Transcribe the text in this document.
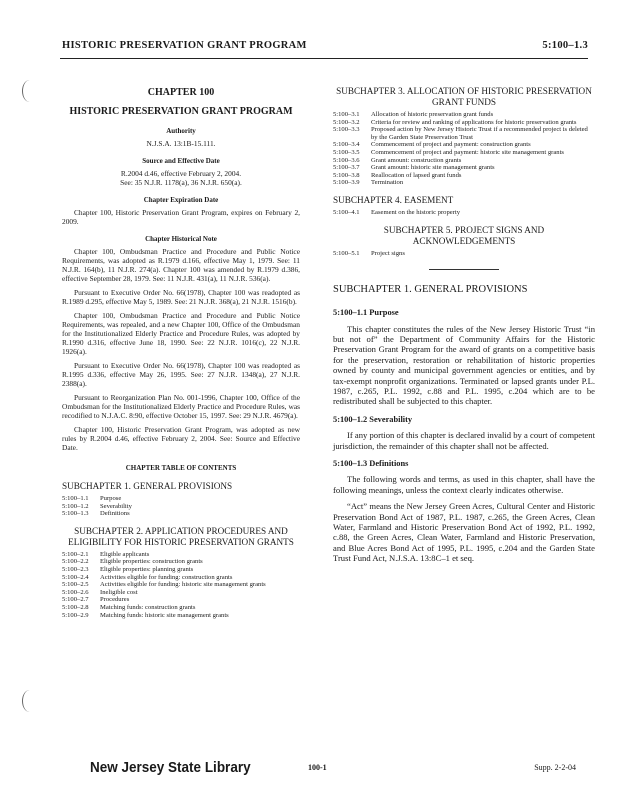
HISTORIC PRESERVATION GRANT PROGRAM	5:100–1.3
CHAPTER 100
HISTORIC PRESERVATION GRANT PROGRAM
Authority
N.J.S.A. 13:1B-15.111.
Source and Effective Date
R.2004 d.46, effective February 2, 2004.
See: 35 N.J.R. 1178(a), 36 N.J.R. 650(a).
Chapter Expiration Date

Chapter 100, Historic Preservation Grant Program, expires on February 2, 2009.

Chapter Historical Note

Chapter 100, Ombudsman Practice and Procedure and Public Notice Requirements, was adopted as R.1979 d.166, effective May 1, 1979. See: 11 N.J.R. 164(b), 11 N.J.R. 274(a). Chapter 100 was amended by R.1979 d.386, effective September 28, 1979. See: 11 N.J.R. 431(a), 11 N.J.R. 536(a).

Pursuant to Executive Order No. 66(1978), Chapter 100 was readopted as R.1989 d.295, effective May 5, 1989. See: 21 N.J.R. 368(a), 21 N.J.R. 1516(b).

Chapter 100, Ombudsman Practice and Procedure and Public Notice Requirements, was repealed, and a new Chapter 100, Office of the Ombudsman for the Institutionalized Elderly Practice and Procedure Rules, was adopted by R.1990 d.316, effective June 18, 1990. See: 22 N.J.R. 1016(c), 22 N.J.R. 1926(a).

Pursuant to Executive Order No. 66(1978), Chapter 100 was readopted as R.1995 d.336, effective May 26, 1995. See: 27 N.J.R. 1348(a), 27 N.J.R. 2388(a).

Pursuant to Reorganization Plan No. 001-1996, Chapter 100, Office of the Ombudsman for the Institutionalized Elderly Practice and Procedure Rules, was recodified to N.J.A.C. 8:90, effective October 15, 1997. See: 29 N.J.R. 4679(a).

Chapter 100, Historic Preservation Grant Program, was adopted as new rules by R.2004 d.46, effective February 2, 2004. See: Source and Effective Date.

CHAPTER TABLE OF CONTENTS
SUBCHAPTER 1. GENERAL PROVISIONS
5:100–1.1	Purpose
5:100–1.2	Severability
5:100–1.3	Definitions
SUBCHAPTER 2. APPLICATION PROCEDURES AND ELIGIBILITY FOR HISTORIC PRESERVATION GRANTS
5:100–2.1	Eligible applicants
5:100–2.2	Eligible properties: construction grants
5:100–2.3	Eligible properties: planning grants
5:100–2.4	Activities eligible for funding: construction grants
5:100–2.5	Activities eligible for funding: historic site management grants
5:100–2.6	Ineligible cost
5:100–2.7	Procedures
5:100–2.8	Matching funds: construction grants
5:100–2.9	Matching funds: historic site management grants
SUBCHAPTER 3. ALLOCATION OF HISTORIC PRESERVATION GRANT FUNDS
5:100–3.1	Allocation of historic preservation grant funds
5:100–3.2	Criteria for review and ranking of applications for historic preservation grants
5:100–3.3	Proposed action by New Jersey Historic Trust if a recommended project is deleted by the Garden State Preservation Trust
5:100–3.4	Commencement of project and payment: construction grants
5:100–3.5	Commencement of project and payment: historic site management grants
5:100–3.6	Grant amount: construction grants
5:100–3.7	Grant amount: historic site management grants
5:100–3.8	Reallocation of lapsed grant funds
5:100–3.9	Termination
SUBCHAPTER 4. EASEMENT
5:100–4.1	Easement on the historic property
SUBCHAPTER 5. PROJECT SIGNS AND ACKNOWLEDGEMENTS
5:100–5.1	Project signs
SUBCHAPTER 1. GENERAL PROVISIONS
5:100–1.1 Purpose

This chapter constitutes the rules of the New Jersey Historic Trust “in but not of” the Department of Community Affairs for the Historic Preservation Grant Program for the award of grants on a competitive basis for the preservation, restoration or rehabilitation of historic properties owned by county and municipal government agencies or entities, and by tax-exempt nonprofit organizations. Terminated or lapsed grants under P.L. 1987, c.265, P.L. 1992, c.88 and P.L. 1995, c.204 which are to be redistributed shall be subjected to this chapter.

5:100–1.2 Severability

If any portion of this chapter is declared invalid by a court of competent jurisdiction, the remainder of this chapter shall not be affected.

5:100–1.3 Definitions

The following words and terms, as used in this chapter, shall have the following meanings, unless the context clearly indicates otherwise.

“Act” means the New Jersey Green Acres, Cultural Center and Historic Preservation Bond Act of 1987, P.L. 1987, c.265, the Green Acres, Clean Water, Farmland and Historic Preservation Bond Act of 1992, P.L. 1992, c.88, the Green Acres, Clean Water, Farmland and Historic Preservation, and Blue Acres Bond Act of 1995, P.L. 1995, c.204 and the Garden State Trust Fund Act, N.J.S.A. 13:8C–1 et seq.

New Jersey State Library	100-1	Supp. 2-2-04
